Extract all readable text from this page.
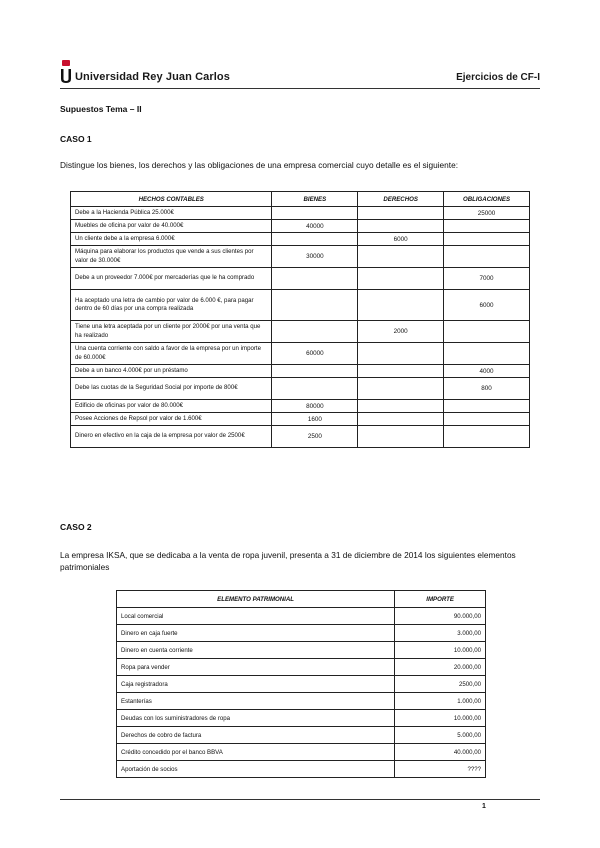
Universidad Rey Juan Carlos	Ejercicios de CF-I
Supuestos Tema – II
CASO 1
Distingue los bienes, los derechos y las obligaciones de una empresa comercial cuyo detalle es el siguiente:
HECHOS CONTABLES	BIENES	DERECHOS	OBLIGACIONES
Debe a la Hacienda Pública 25.000€			25000
Muebles de oficina por valor de 40.000€	40000		
Un cliente debe a la empresa 6.000€		6000	
Máquina para elaborar los productos que vende a sus clientes por valor de 30.000€	30000		
Debe a un proveedor 7.000€ por mercaderías que le ha comprado			7000
Ha aceptado una letra de cambio por valor de 6.000 €, para pagar dentro de 60 días por una compra realizada			6000
Tiene una letra aceptada por un cliente por 2000€ por una venta que ha realizado		2000	
Una cuenta corriente con saldo a favor de la empresa por un importe de 60.000€	60000		
Debe a un banco 4.000€ por un préstamo			4000
Debe las cuotas de la Seguridad Social por importe de 800€			800
Edificio de oficinas por valor de 80.000€	80000		
Posee Acciones de Repsol por valor de 1.600€	1600		
Dinero en efectivo en la caja de la empresa por valor de 2500€	2500		
CASO 2
La empresa IKSA, que se dedicaba a la venta de ropa juvenil, presenta a 31 de diciembre de 2014 los siguientes elementos patrimoniales
ELEMENTO PATRIMONIAL	IMPORTE
Local comercial	90.000,00
Dinero en caja fuerte	3.000,00
Dinero en cuenta corriente	10.000,00
Ropa para vender	20.000,00
Caja registradora	2500,00
Estanterías	1.000,00
Deudas con los suministradores de ropa	10.000,00
Derechos de cobro de factura	5.000,00
Crédito concedido por el banco BBVA	40.000,00
Aportación de socios	????
1
